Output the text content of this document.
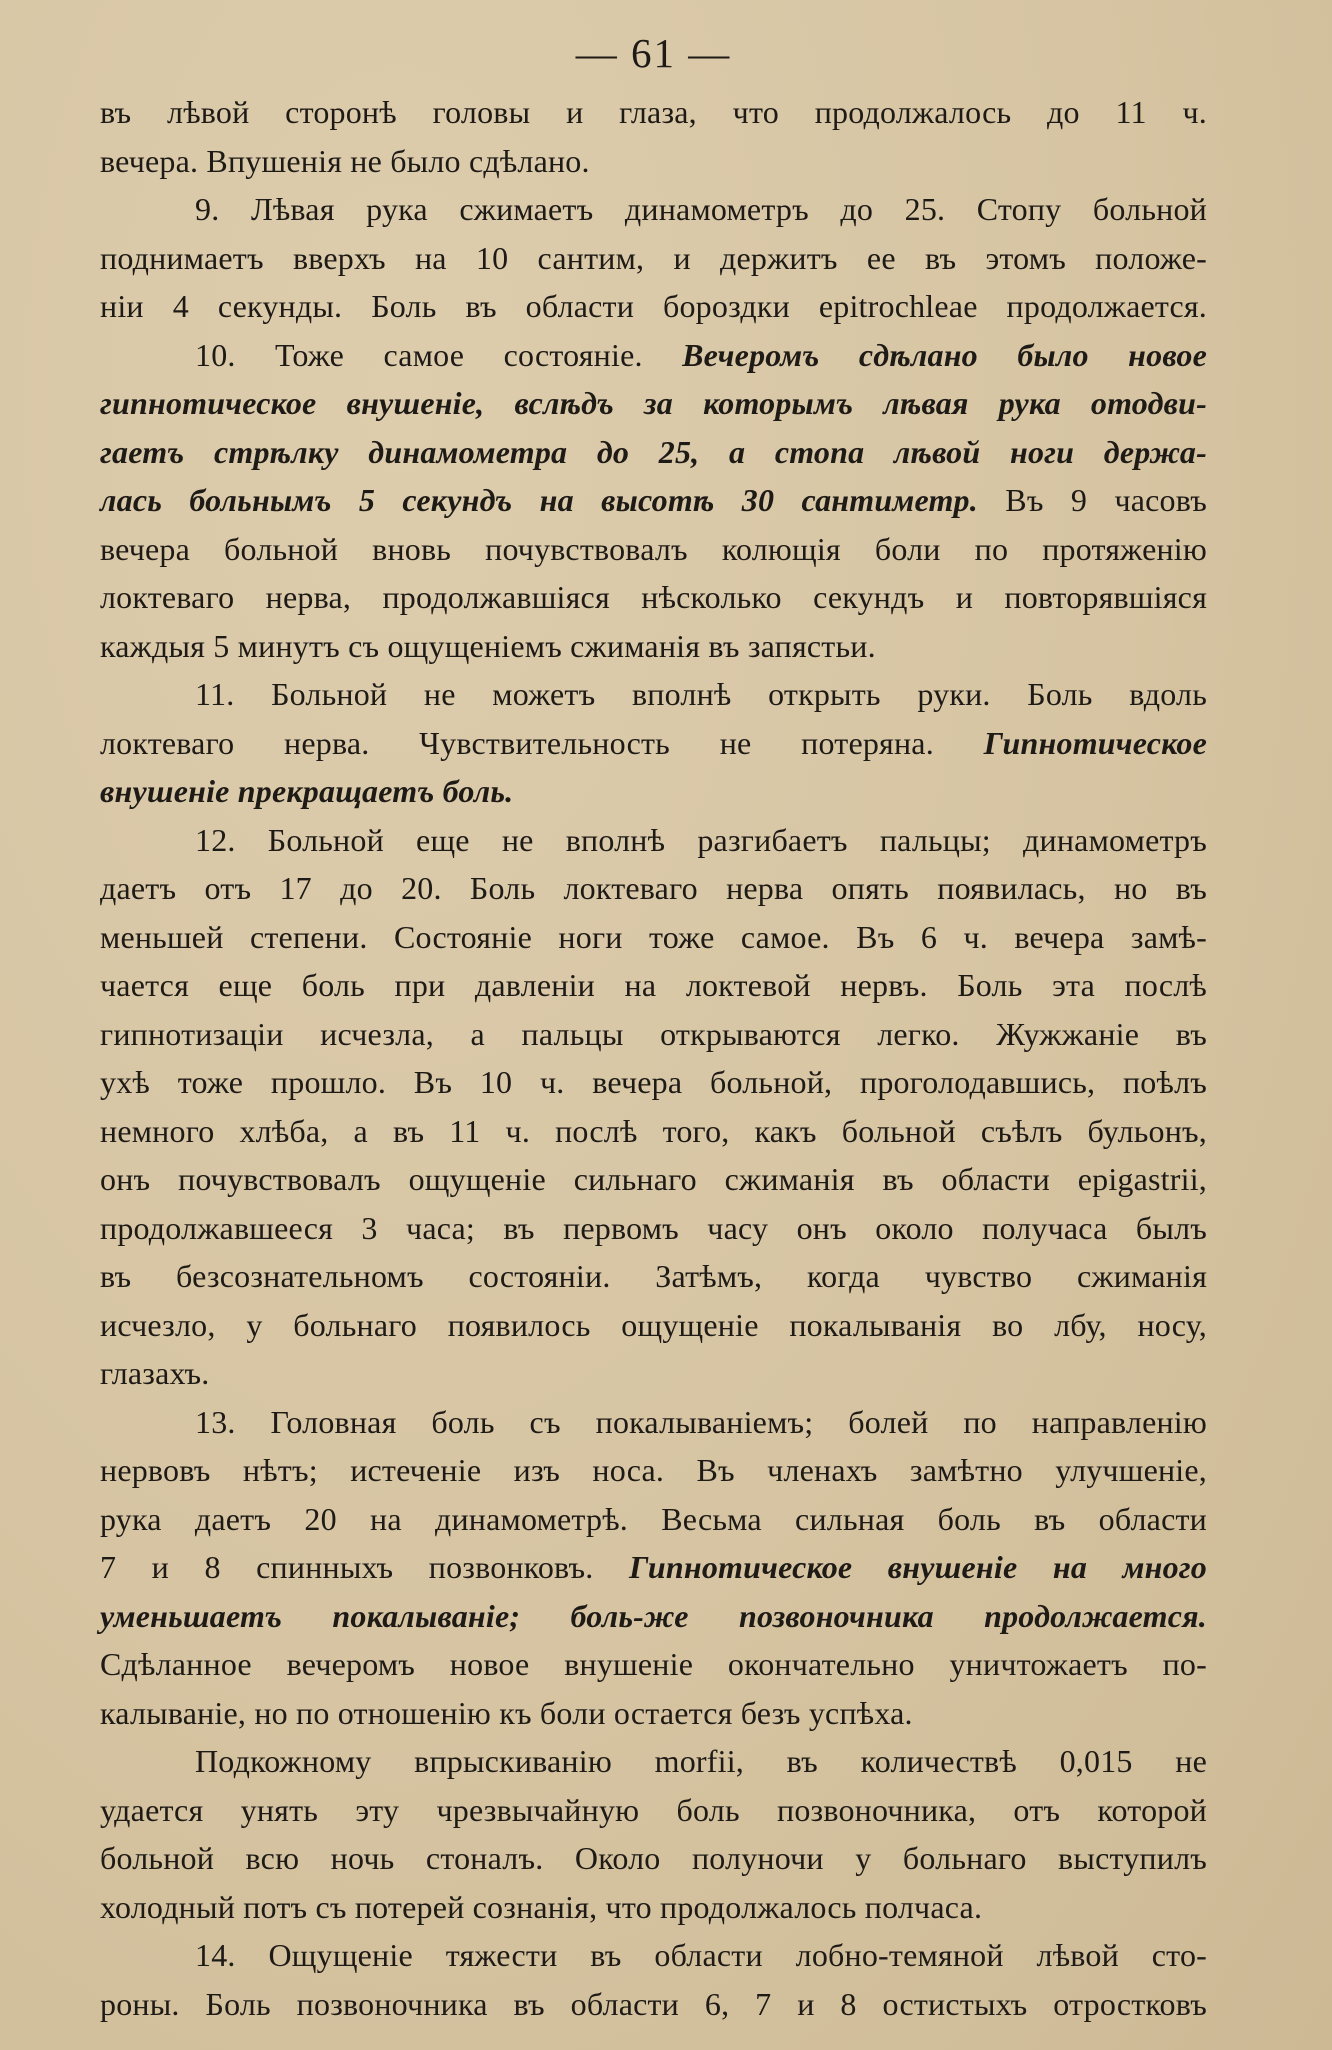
— 61 —
въ лѣвой сторонѣ головы и глаза, что продолжалось до 11 ч.
вечера. Впушенія не было сдѣлано.
9. Лѣвая рука сжимаетъ динамометръ до 25. Стопу больной
поднимаетъ вверхъ на 10 сантим, и держитъ ее въ этомъ положе-
ніи 4 секунды. Боль въ области бороздки epitrochleae продолжается.
10. Тоже самое состояніе. Вечеромъ сдѣлано было новое
гипнотическое внушеніе, вслѣдъ за которымъ лѣвая рука отодви-
гаетъ стрѣлку динамометра до 25, а стопа лѣвой ноги держа-
лась больнымъ 5 секундъ на высотѣ 30 сантиметр. Въ 9 часовъ
вечера больной вновь почувствовалъ колющія боли по протяженію
локтеваго нерва, продолжавшіяся нѣсколько секундъ и повторявшіяся
каждыя 5 минутъ съ ощущеніемъ сжиманія въ запястьи.
11. Больной не можетъ вполнѣ открыть руки. Боль вдоль
локтеваго нерва. Чувствительность не потеряна. Гипнотическое
внушеніе прекращаетъ боль.
12. Больной еще не вполнѣ разгибаетъ пальцы; динамометръ
даетъ отъ 17 до 20. Боль локтеваго нерва опять появилась, но въ
меньшей степени. Состояніе ноги тоже самое. Въ 6 ч. вечера замѣ-
чается еще боль при давленіи на локтевой нервъ. Боль эта послѣ
гипнотизаціи исчезла, а пальцы открываются легко. Жужжаніе въ
ухѣ тоже прошло. Въ 10 ч. вечера больной, проголодавшись, поѣлъ
немного хлѣба, а въ 11 ч. послѣ того, какъ больной съѣлъ бульонъ,
онъ почувствовалъ ощущеніе сильнаго сжиманія въ области epigastrii,
продолжавшееся 3 часа; въ первомъ часу онъ около получаса былъ
въ безсознательномъ состояніи. Затѣмъ, когда чувство сжиманія
исчезло, у больнаго появилось ощущеніе покалыванія во лбу, носу,
глазахъ.
13. Головная боль съ покалываніемъ; болей по направленію
нервовъ нѣтъ; истеченіе изъ носа. Въ членахъ замѣтно улучшеніе,
рука даетъ 20 на динамометрѣ. Весьма сильная боль въ области
7 и 8 спинныхъ позвонковъ. Гипнотическое внушеніе на много
уменьшаетъ покалываніе; боль-же позвоночника продолжается.
Сдѣланное вечеромъ новое внушеніе окончательно уничтожаетъ по-
калываніе, но по отношенію къ боли остается безъ успѣха.
Подкожному впрыскиванію morfii, въ количествѣ 0,015 не
удается унять эту чрезвычайную боль позвоночника, отъ которой
больной всю ночь стоналъ. Около полуночи у больнаго выступилъ
холодный потъ съ потерей сознанія, что продолжалось полчаса.
14. Ощущеніе тяжести въ области лобно-темяной лѣвой сто-
роны. Боль позвоночника въ области 6, 7 и 8 остистыхъ отростковъ
